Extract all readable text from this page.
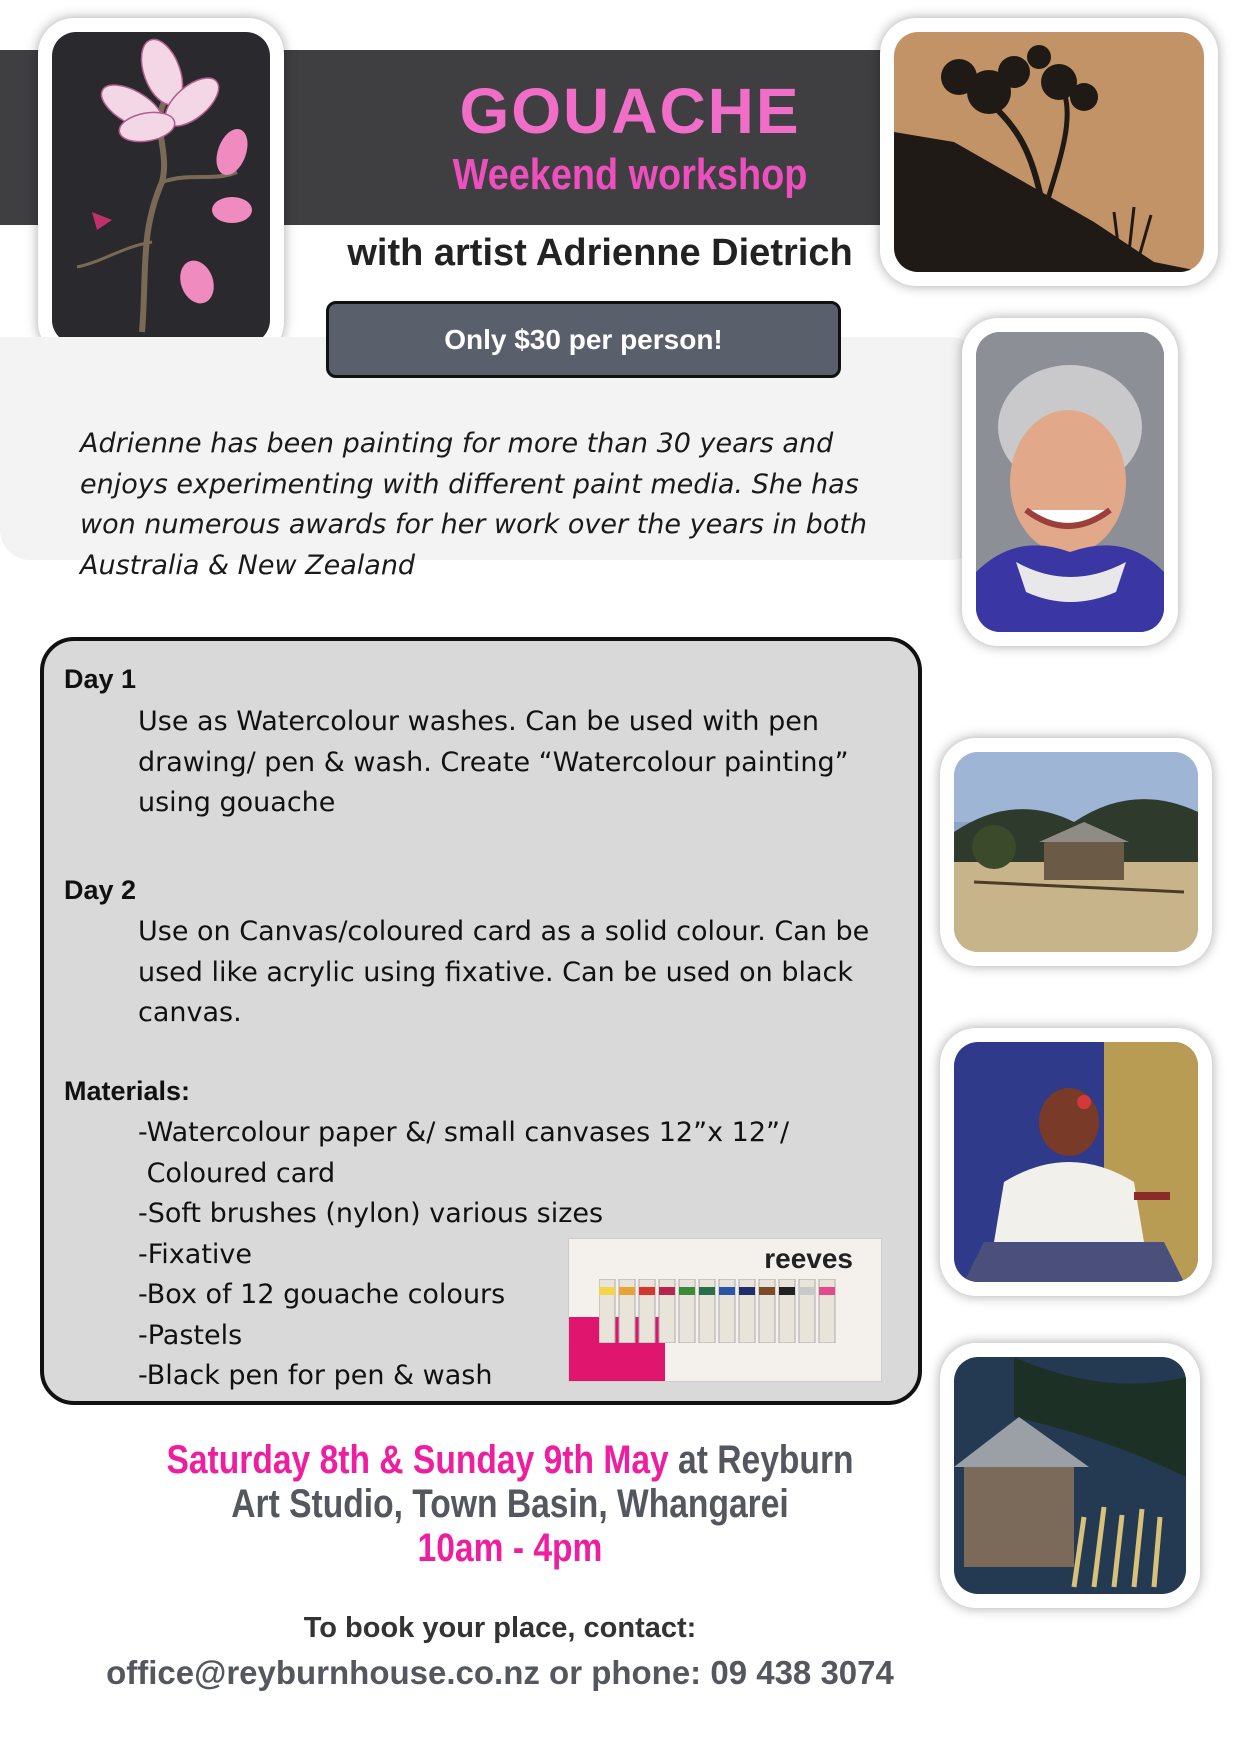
GOUACHE
Weekend workshop
with artist Adrienne Dietrich
Only $30 per person!

Adrienne has been painting for more than 30 years and enjoys experimenting with different paint media. She has won numerous awards for her work over the years in both Australia & New Zealand

Day 1

Use as Watercolour washes. Can be used with pen

drawing/ pen & wash. Create “Watercolour painting”

using gouache

Day 2

Use on Canvas/coloured card as a solid colour. Can be

used like acrylic using fixative. Can be used on black

canvas.

Materials:

-Watercolour paper &/ small canvases 12”x 12”/

Coloured card

-Soft brushes (nylon) various sizes

-Fixative

-Box of 12 gouache colours

-Pastels

-Black pen for pen & wash

reeves

Saturday 8th & Sunday 9th May at Reyburn

Art Studio, Town Basin, Whangarei

10am - 4pm

To book your place, contact:

office@reyburnhouse.co.nz or phone: 09 438 3074
